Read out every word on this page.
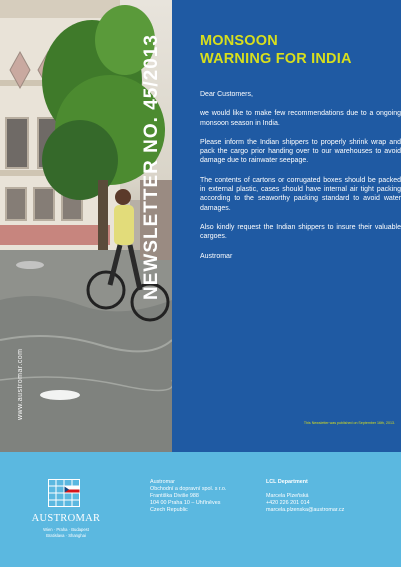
NEWSLETTER NO. 45/2013
www.austromar.com
MONSOON
WARNING FOR INDIA

Dear Customers,

we would like to make few recommendations due to a ongoing monsoon season in India.

Please inform the Indian shippers to properly shrink wrap and pack the cargo prior handing over to our warehouses to avoid damage due to rainwater seepage.

The contents of cartons or corrugated boxes should be packed in external plastic, cases should have internal air tight packing according to the seaworthy packing standard to avoid water damages.

Also kindly request the Indian shippers to insure their valuable cargoes.

Austromar

This Newsletter was published on September 16th, 2013.
AUSTROMAR
Wien · Praha · Budapest
Bratislava · Shanghai
Austromar
Obchodní a dopravní spol. s r.o.
Františka Diviše 988
104 00 Praha 10 – Uhříněves
Czech Republic
LCL Department
Marcela Plzeňská
+420 226 201 014
marcela.plzenska@austromar.cz
